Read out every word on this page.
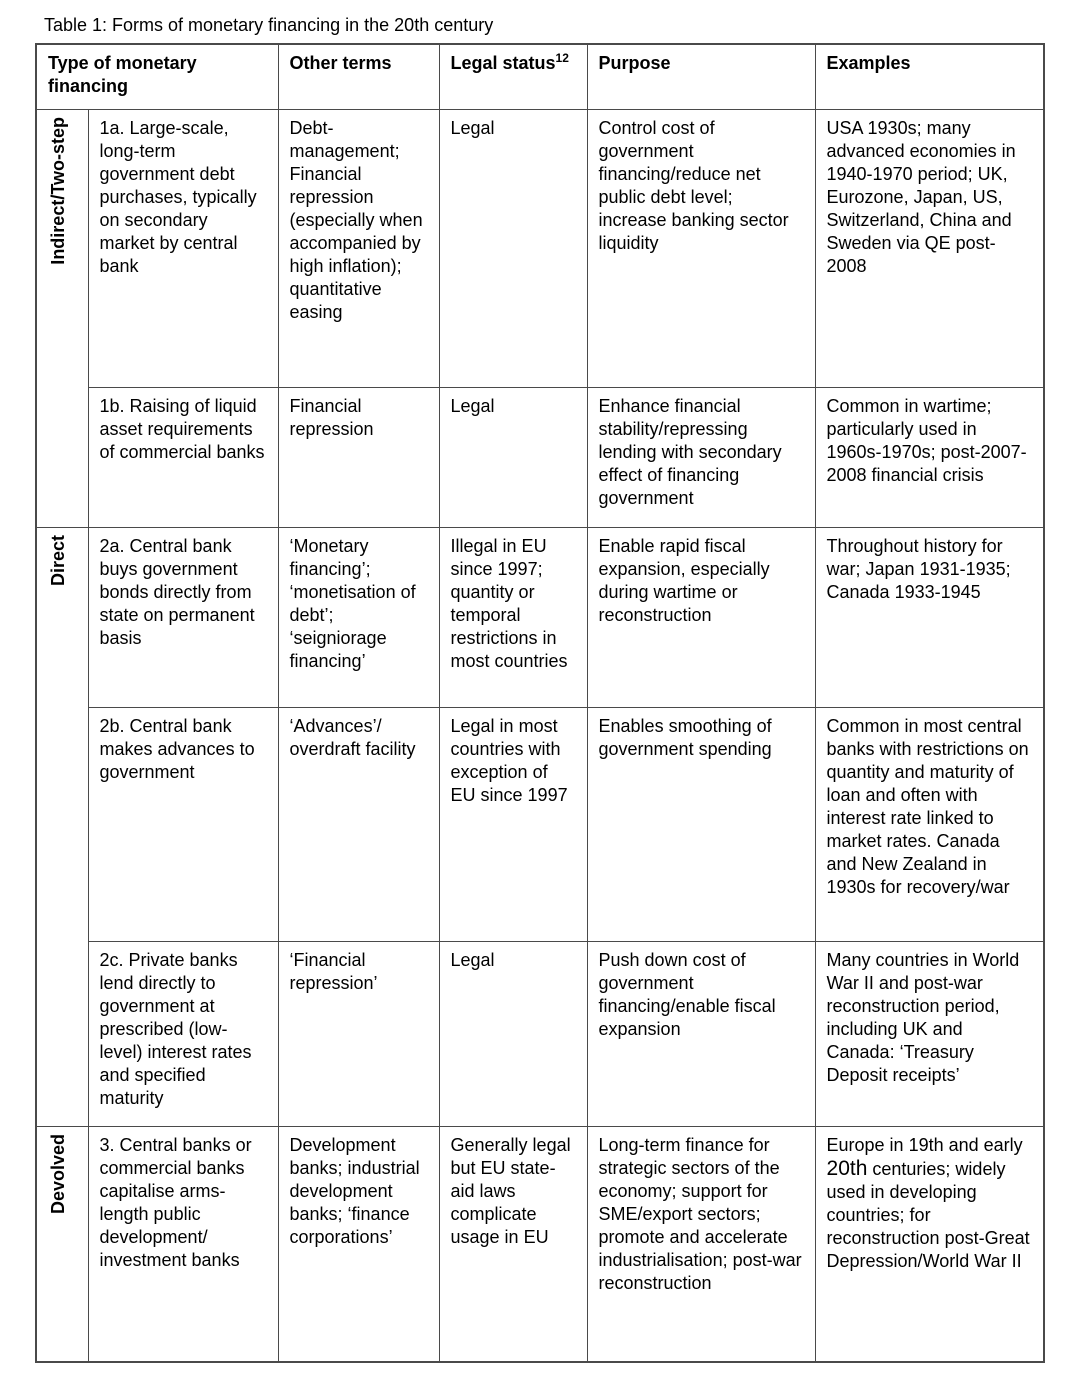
Table 1: Forms of monetary financing in the 20th century

Type of monetary financing		Other terms	Legal status$^{12}$	Purpose	Examples
Indirect/Two-step	1a. Large-scale, long-term government debt purchases, typically on secondary market by central bank	Debt-management; Financial repression (especially when accompanied by high inflation); quantitative easing	Legal	Control cost of government financing/reduce net public debt level; increase banking sector liquidity	USA 1930s; many advanced economies in 1940-1970 period; UK, Eurozone, Japan, US, Switzerland, China and Sweden via QE post-2008
	1b. Raising of liquid asset requirements of commercial banks	Financial repression	Legal	Enhance financial stability/repressing lending with secondary effect of financing government	Common in wartime; particularly used in 1960s-1970s; post-2007-2008 financial crisis
Direct	2a. Central bank buys government bonds directly from state on permanent basis	‘Monetary financing’; ‘monetisation of debt’; ‘seigniorage financing’	Illegal in EU since 1997; quantity or temporal restrictions in most countries	Enable rapid fiscal expansion, especially during wartime or reconstruction	Throughout history for war; Japan 1931-1935; Canada 1933-1945
	2b. Central bank makes advances to government	‘Advances’/ overdraft facility	Legal in most countries with exception of EU since 1997	Enables smoothing of government spending	Common in most central banks with restrictions on quantity and maturity of loan and often with interest rate linked to market rates. Canada and New Zealand in 1930s for recovery/war
	2c. Private banks lend directly to government at prescribed (low-level) interest rates and specified maturity	‘Financial repression’	Legal	Push down cost of government financing/enable fiscal expansion	Many countries in World War II and post-war reconstruction period, including UK and Canada: ‘Treasury Deposit receipts’
Devolved	3. Central banks or commercial banks capitalise arms-length public development/ investment banks	Development banks; industrial development banks; ‘finance corporations’	Generally legal but EU state-aid laws complicate usage in EU	Long-term finance for strategic sectors of the economy; support for SME/export sectors; promote and accelerate industrialisation; post-war reconstruction	Europe in 19th and early 20th centuries; widely used in developing countries; for reconstruction post-Great Depression/World War II
